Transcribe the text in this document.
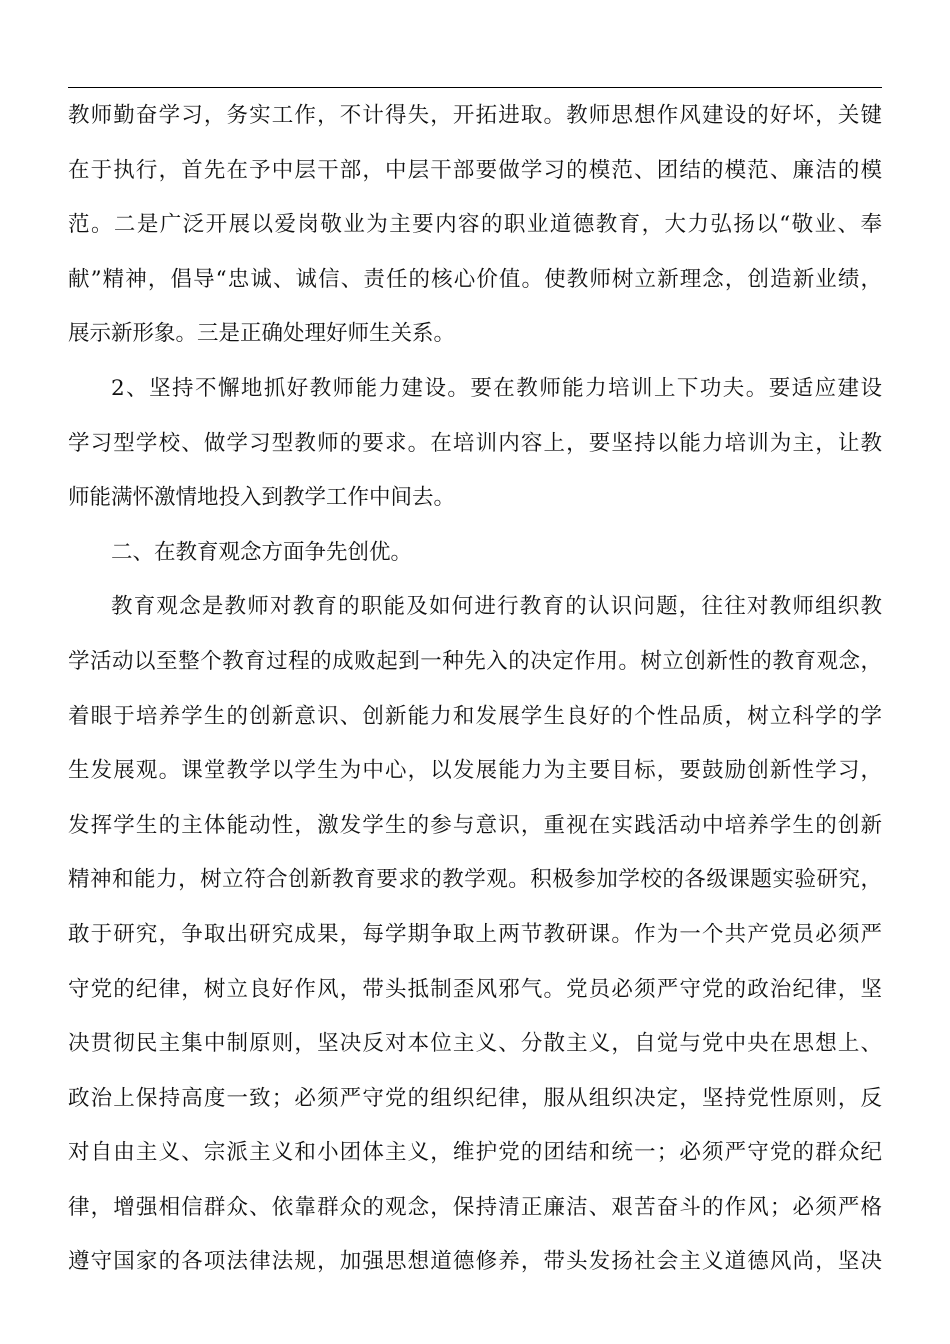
教师勤奋学习，务实工作，不计得失，开拓进取。教师思想作风建设的好坏，关键
在于执行，首先在予中层干部，中层干部要做学习的模范、团结的模范、廉洁的模
范。二是广泛开展以爱岗敬业为主要内容的职业道德教育，大力弘扬以“敬业、奉
献”精神，倡导“忠诚、诚信、责任的核心价值。使教师树立新理念，创造新业绩，
展示新形象。三是正确处理好师生关系。
2、坚持不懈地抓好教师能力建设。要在教师能力培训上下功夫。要适应建设
学习型学校、做学习型教师的要求。在培训内容上，要坚持以能力培训为主，让教
师能满怀激情地投入到教学工作中间去。
二、在教育观念方面争先创优。
教育观念是教师对教育的职能及如何进行教育的认识问题，往往对教师组织教
学活动以至整个教育过程的成败起到一种先入的决定作用。树立创新性的教育观念，
着眼于培养学生的创新意识、创新能力和发展学生良好的个性品质，树立科学的学
生发展观。课堂教学以学生为中心，以发展能力为主要目标，要鼓励创新性学习，
发挥学生的主体能动性，激发学生的参与意识，重视在实践活动中培养学生的创新
精神和能力，树立符合创新教育要求的教学观。积极参加学校的各级课题实验研究，
敢于研究，争取出研究成果，每学期争取上两节教研课。作为一个共产党员必须严
守党的纪律，树立良好作风，带头抵制歪风邪气。党员必须严守党的政治纪律，坚
决贯彻民主集中制原则，坚决反对本位主义、分散主义，自觉与党中央在思想上、
政治上保持高度一致；必须严守党的组织纪律，服从组织决定，坚持党性原则，反
对自由主义、宗派主义和小团体主义，维护党的团结和统一；必须严守党的群众纪
律，增强相信群众、依靠群众的观念，保持清正廉洁、艰苦奋斗的作风；必须严格
遵守国家的各项法律法规，加强思想道德修养，带头发扬社会主义道德风尚，坚决
